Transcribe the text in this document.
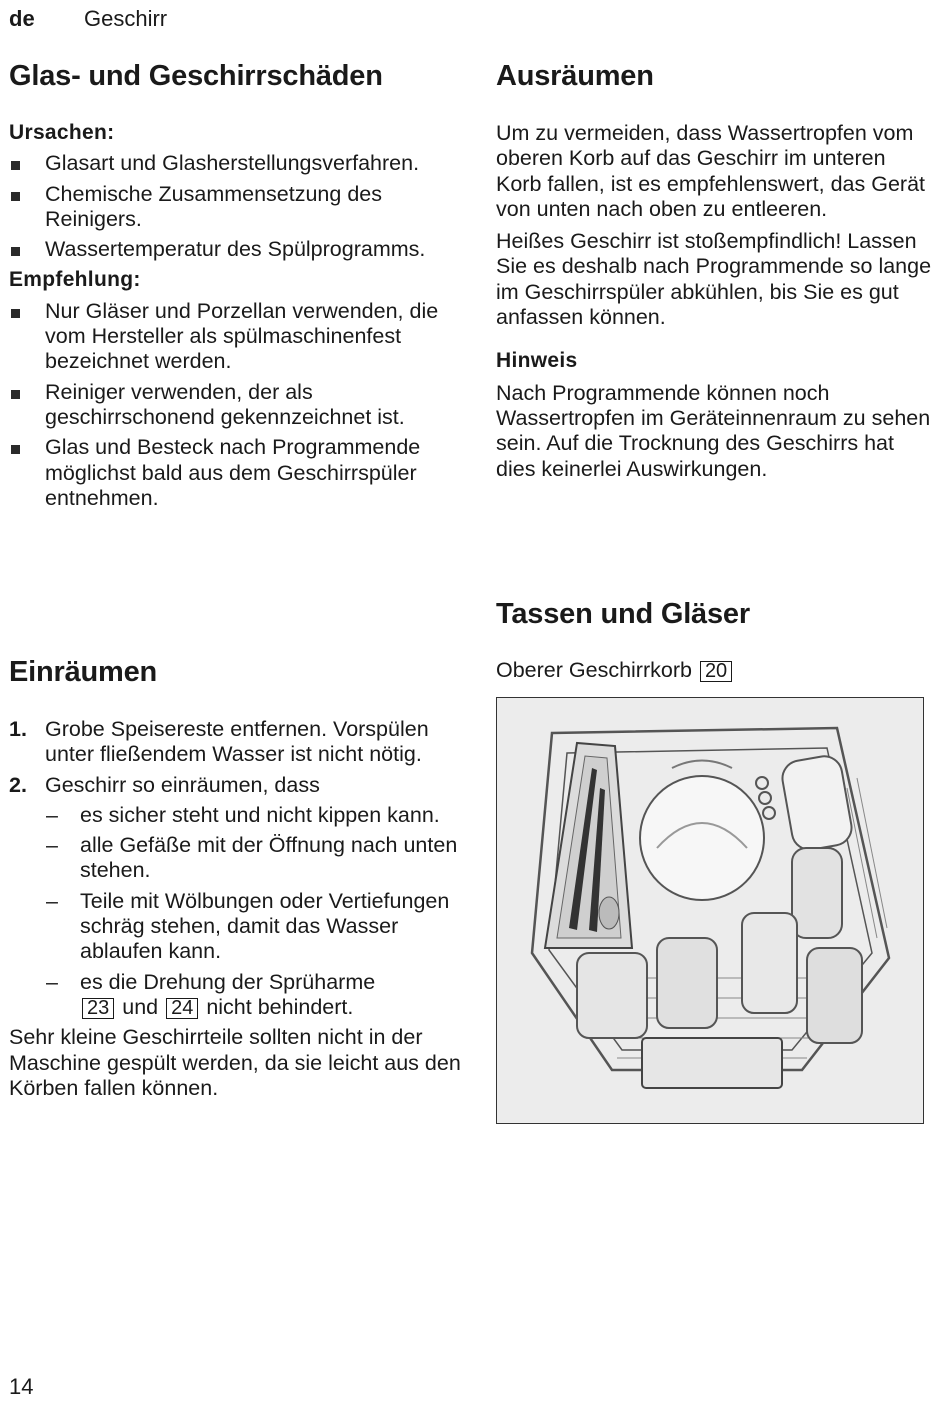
de Geschirr
Glas- und Geschirrschäden
Ursachen:
Glasart und Glasherstellungsverfahren.
Chemische Zusammensetzung des Reinigers.
Wassertemperatur des Spülprogramms.
Empfehlung:
Nur Gläser und Porzellan verwenden, die vom Hersteller als spülmaschinenfest bezeichnet werden.
Reiniger verwenden, der als geschirrschonend gekennzeichnet ist.
Glas und Besteck nach Programmende möglichst bald aus dem Geschirrspüler entnehmen.
Einräumen
1. Grobe Speisereste entfernen. Vorspülen unter fließendem Wasser ist nicht nötig.
2. Geschirr so einräumen, dass
– es sicher steht und nicht kippen kann.
– alle Gefäße mit der Öffnung nach unten stehen.
– Teile mit Wölbungen oder Vertiefungen schräg stehen, damit das Wasser ablaufen kann.
– es die Drehung der Sprüharme
23 und 24 nicht behindert.

Sehr kleine Geschirrteile sollten nicht in der Maschine gespült werden, da sie leicht aus den Körben fallen können.

Ausräumen

Um zu vermeiden, dass Wassertropfen vom oberen Korb auf das Geschirr im unteren Korb fallen, ist es empfehlenswert, das Gerät von unten nach oben zu entleeren.

Heißes Geschirr ist stoßempfindlich! Lassen Sie es deshalb nach Programmende so lange im Geschirrspüler abkühlen, bis Sie es gut anfassen können.

Hinweis

Nach Programmende können noch Wassertropfen im Geräteinnenraum zu sehen sein. Auf die Trocknung des Geschirrs hat dies keinerlei Auswirkungen.

Tassen und Gläser
Oberer Geschirrkorb 20
14
